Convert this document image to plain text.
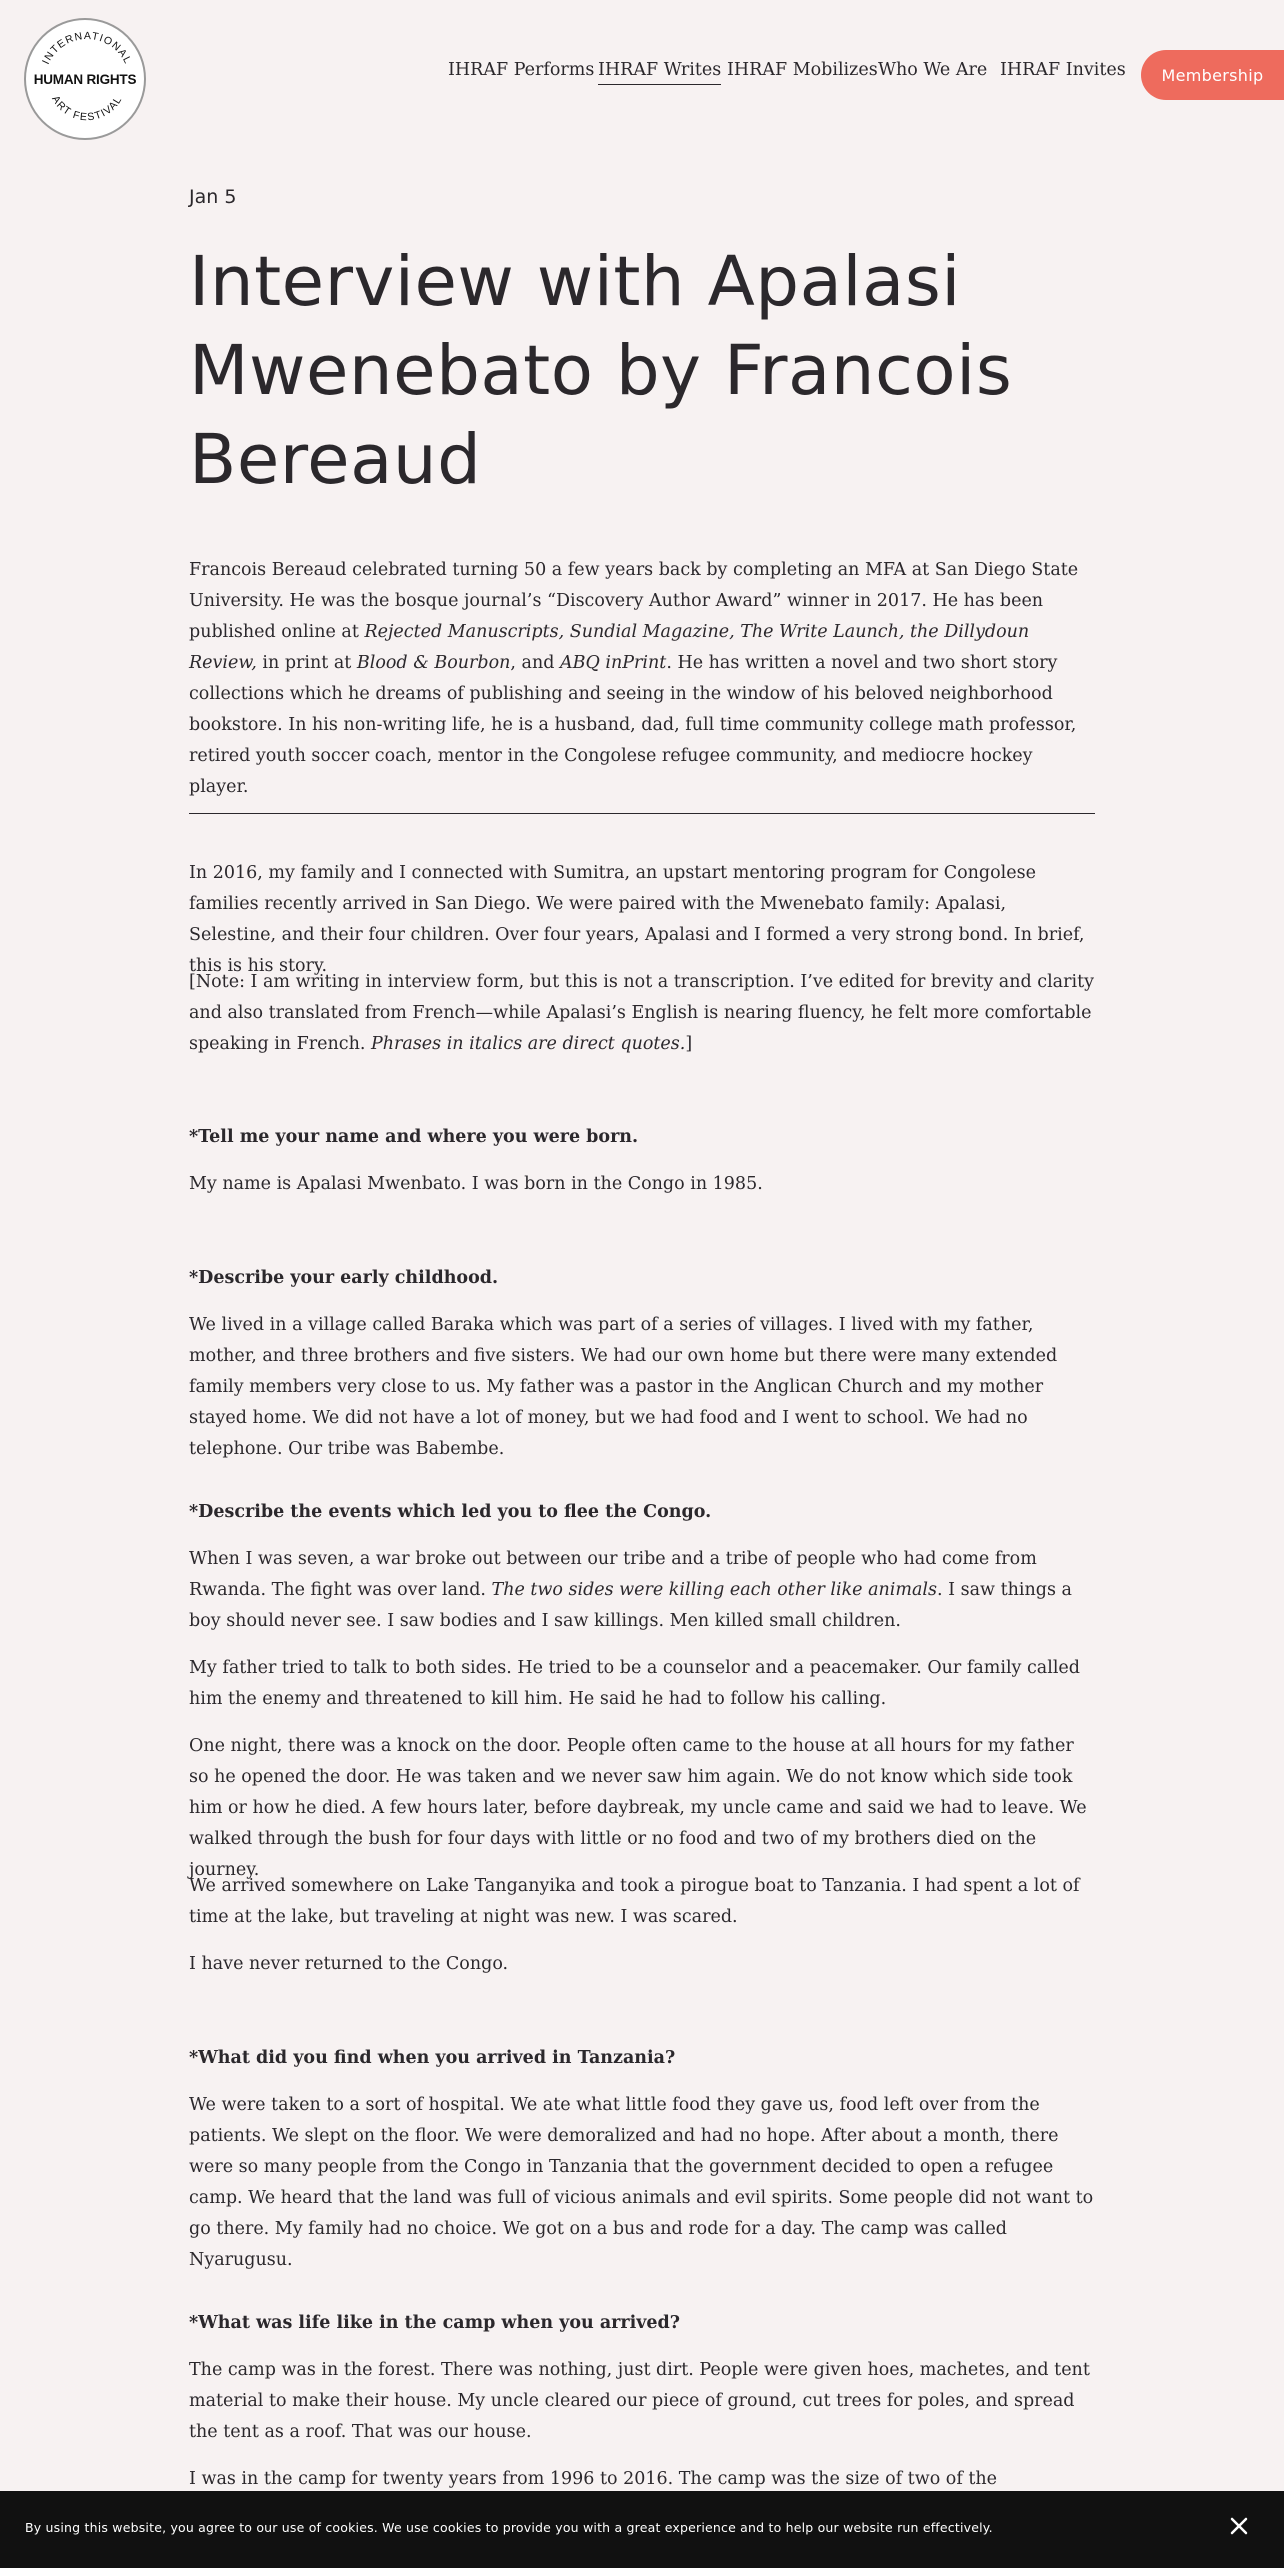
INTERNATIONAL
ART FESTIVAL
HUMAN RIGHTS	IHRAF Performs IHRAF Writes IHRAF Mobilizes Who We Are IHRAF Invites	Membership
Jan 5
Interview with Apalasi Mwenebato by Francois Bereaud

Francois Bereaud celebrated turning 50 a few years back by completing an MFA at San Diego State University. He was the bosque journal’s “Discovery Author Award” winner in 2017. He has been published online at Rejected Manuscripts, Sundial Magazine, The Write Launch, the Dillydoun Review, in print at Blood & Bourbon, and ABQ inPrint. He has written a novel and two short story collections which he dreams of publishing and seeing in the window of his beloved neighborhood bookstore. In his non-writing life, he is a husband, dad, full time community college math professor, retired youth soccer coach, mentor in the Congolese refugee community, and mediocre hockey player.

In 2016, my family and I connected with Sumitra, an upstart mentoring program for Congolese families recently arrived in San Diego. We were paired with the Mwenebato family: Apalasi, Selestine, and their four children. Over four years, Apalasi and I formed a very strong bond. In brief, this is his story.

[Note: I am writing in interview form, but this is not a transcription. I’ve edited for brevity and clarity and also translated from French—while Apalasi’s English is nearing fluency, he felt more comfortable speaking in French. Phrases in italics are direct quotes.]

*Tell me your name and where you were born.

My name is Apalasi Mwenbato. I was born in the Congo in 1985.

*Describe your early childhood.

We lived in a village called Baraka which was part of a series of villages. I lived with my father, mother, and three brothers and five sisters. We had our own home but there were many extended family members very close to us. My father was a pastor in the Anglican Church and my mother stayed home. We did not have a lot of money, but we had food and I went to school. We had no telephone. Our tribe was Babembe.

*Describe the events which led you to flee the Congo.

When I was seven, a war broke out between our tribe and a tribe of people who had come from Rwanda. The fight was over land. The two sides were killing each other like animals. I saw things a boy should never see. I saw bodies and I saw killings. Men killed small children.

My father tried to talk to both sides. He tried to be a counselor and a peacemaker. Our family called him the enemy and threatened to kill him. He said he had to follow his calling.

One night, there was a knock on the door. People often came to the house at all hours for my father so he opened the door. He was taken and we never saw him again. We do not know which side took him or how he died. A few hours later, before daybreak, my uncle came and said we had to leave. We walked through the bush for four days with little or no food and two of my brothers died on the journey.

We arrived somewhere on Lake Tanganyika and took a pirogue boat to Tanzania. I had spent a lot of time at the lake, but traveling at night was new. I was scared.

I have never returned to the Congo.

*What did you find when you arrived in Tanzania?

We were taken to a sort of hospital. We ate what little food they gave us, food left over from the patients. We slept on the floor. We were demoralized and had no hope. After about a month, there were so many people from the Congo in Tanzania that the government decided to open a refugee camp. We heard that the land was full of vicious animals and evil spirits. Some people did not want to go there. My family had no choice. We got on a bus and rode for a day. The camp was called Nyarugusu.

*What was life like in the camp when you arrived?

The camp was in the forest. There was nothing, just dirt. People were given hoes, machetes, and tent material to make their house. My uncle cleared our piece of ground, cut trees for poles, and spread the tent as a roof. That was our house.

I was in the camp for twenty years from 1996 to 2016. The camp was the size of two of the

By using this website, you agree to our use of cookies. We use cookies to provide you with a great experience and to help our website run effectively.
